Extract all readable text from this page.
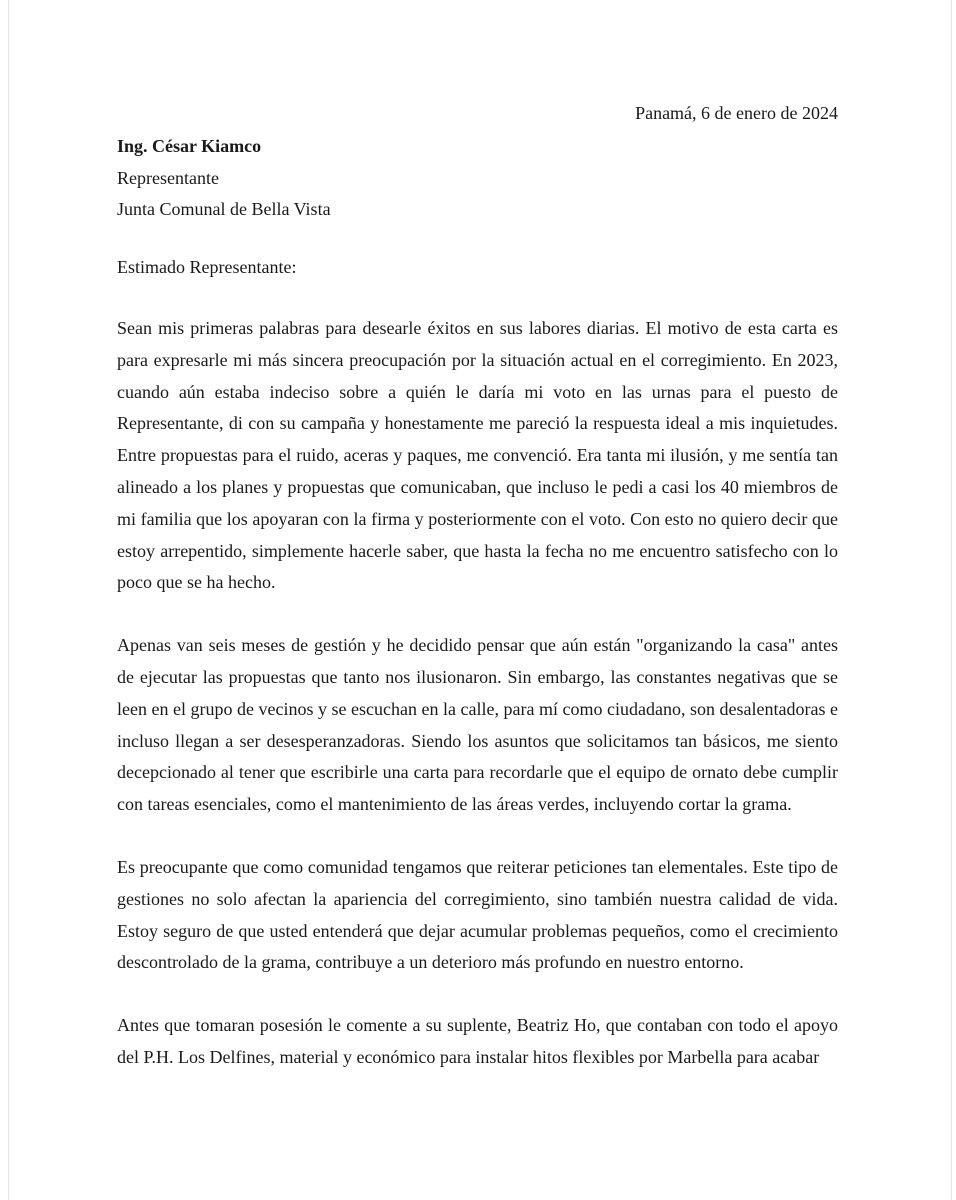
Panamá, 6 de enero de 2024
Ing. César Kiamco
Representante
Junta Comunal de Bella Vista
Estimado Representante:

Sean mis primeras palabras para desearle éxitos en sus labores diarias. El motivo de esta carta es para expresarle mi más sincera preocupación por la situación actual en el corregimiento. En 2023, cuando aún estaba indeciso sobre a quién le daría mi voto en las urnas para el puesto de Representante, di con su campaña y honestamente me pareció la respuesta ideal a mis inquietudes. Entre propuestas para el ruido, aceras y paques, me convenció. Era tanta mi ilusión, y me sentía tan alineado a los planes y propuestas que comunicaban, que incluso le pedi a casi los 40 miembros de mi familia que los apoyaran con la firma y posteriormente con el voto. Con esto no quiero decir que estoy arrepentido, simplemente hacerle saber, que hasta la fecha no me encuentro satisfecho con lo poco que se ha hecho.

Apenas van seis meses de gestión y he decidido pensar que aún están "organizando la casa" antes de ejecutar las propuestas que tanto nos ilusionaron. Sin embargo, las constantes negativas que se leen en el grupo de vecinos y se escuchan en la calle, para mí como ciudadano, son desalentadoras e incluso llegan a ser desesperanzadoras. Siendo los asuntos que solicitamos tan básicos, me siento decepcionado al tener que escribirle una carta para recordarle que el equipo de ornato debe cumplir con tareas esenciales, como el mantenimiento de las áreas verdes, incluyendo cortar la grama.

Es preocupante que como comunidad tengamos que reiterar peticiones tan elementales. Este tipo de gestiones no solo afectan la apariencia del corregimiento, sino también nuestra calidad de vida. Estoy seguro de que usted entenderá que dejar acumular problemas pequeños, como el crecimiento descontrolado de la grama, contribuye a un deterioro más profundo en nuestro entorno.

Antes que tomaran posesión le comente a su suplente, Beatriz Ho, que contaban con todo el apoyo del P.H. Los Delfines, material y económico para instalar hitos flexibles por Marbella para acabar
